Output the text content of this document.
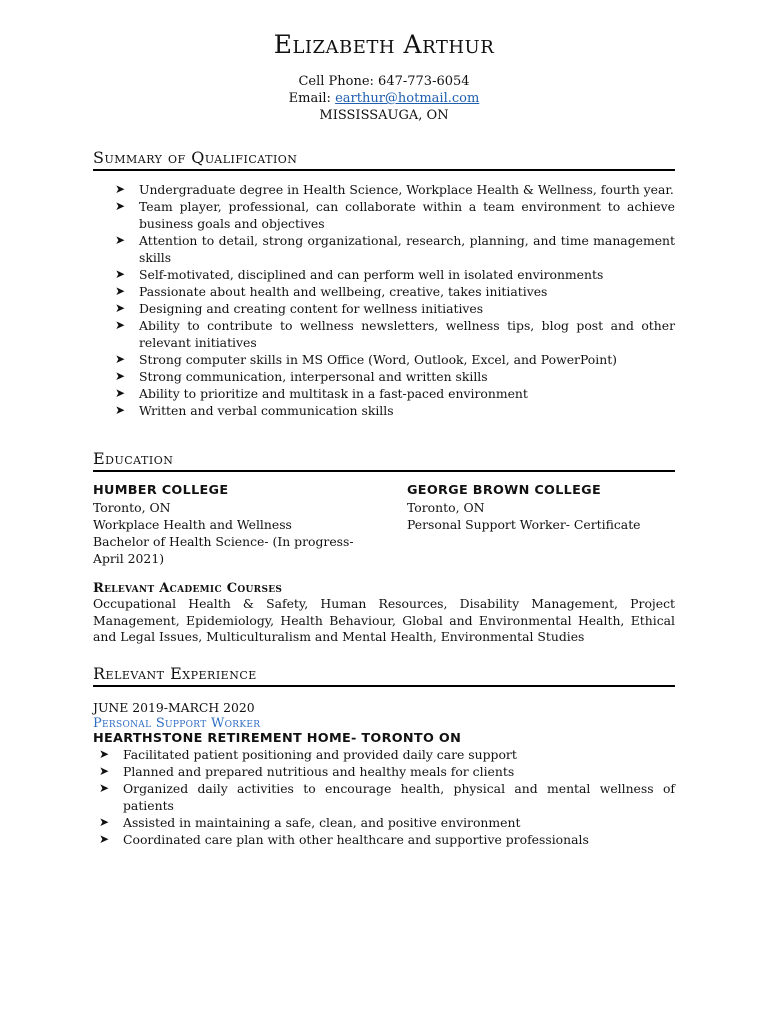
Elizabeth Arthur
Cell Phone: 647-773-6054
Email: earthur@hotmail.com
MISSISSAUGA, ON
Summary of Qualification
➤ Undergraduate degree in Health Science, Workplace Health & Wellness, fourth year.
➤ Team player, professional, can collaborate within a team environment to achieve business goals and objectives
➤ Attention to detail, strong organizational, research, planning, and time management skills
➤ Self-motivated, disciplined and can perform well in isolated environments
➤ Passionate about health and wellbeing, creative, takes initiatives
➤ Designing and creating content for wellness initiatives
➤ Ability to contribute to wellness newsletters, wellness tips, blog post and other relevant initiatives
➤ Strong computer skills in MS Office (Word, Outlook, Excel, and PowerPoint)
➤ Strong communication, interpersonal and written skills
➤ Ability to prioritize and multitask in a fast-paced environment
➤ Written and verbal communication skills
Education
HUMBER COLLEGE
Toronto, ON
Workplace Health and Wellness
Bachelor of Health Science- (In progress- April 2021)
GEORGE BROWN COLLEGE
Toronto, ON
Personal Support Worker- Certificate
Relevant Academic Courses
Occupational Health & Safety, Human Resources, Disability Management, Project Management, Epidemiology, Health Behaviour, Global and Environmental Health, Ethical and Legal Issues, Multiculturalism and Mental Health, Environmental Studies
Relevant Experience
JUNE 2019-MARCH 2020
Personal Support Worker
HEARTHSTONE RETIREMENT HOME- TORONTO ON
➤ Facilitated patient positioning and provided daily care support
➤ Planned and prepared nutritious and healthy meals for clients
➤ Organized daily activities to encourage health, physical and mental wellness of patients
➤ Assisted in maintaining a safe, clean, and positive environment
➤ Coordinated care plan with other healthcare and supportive professionals
